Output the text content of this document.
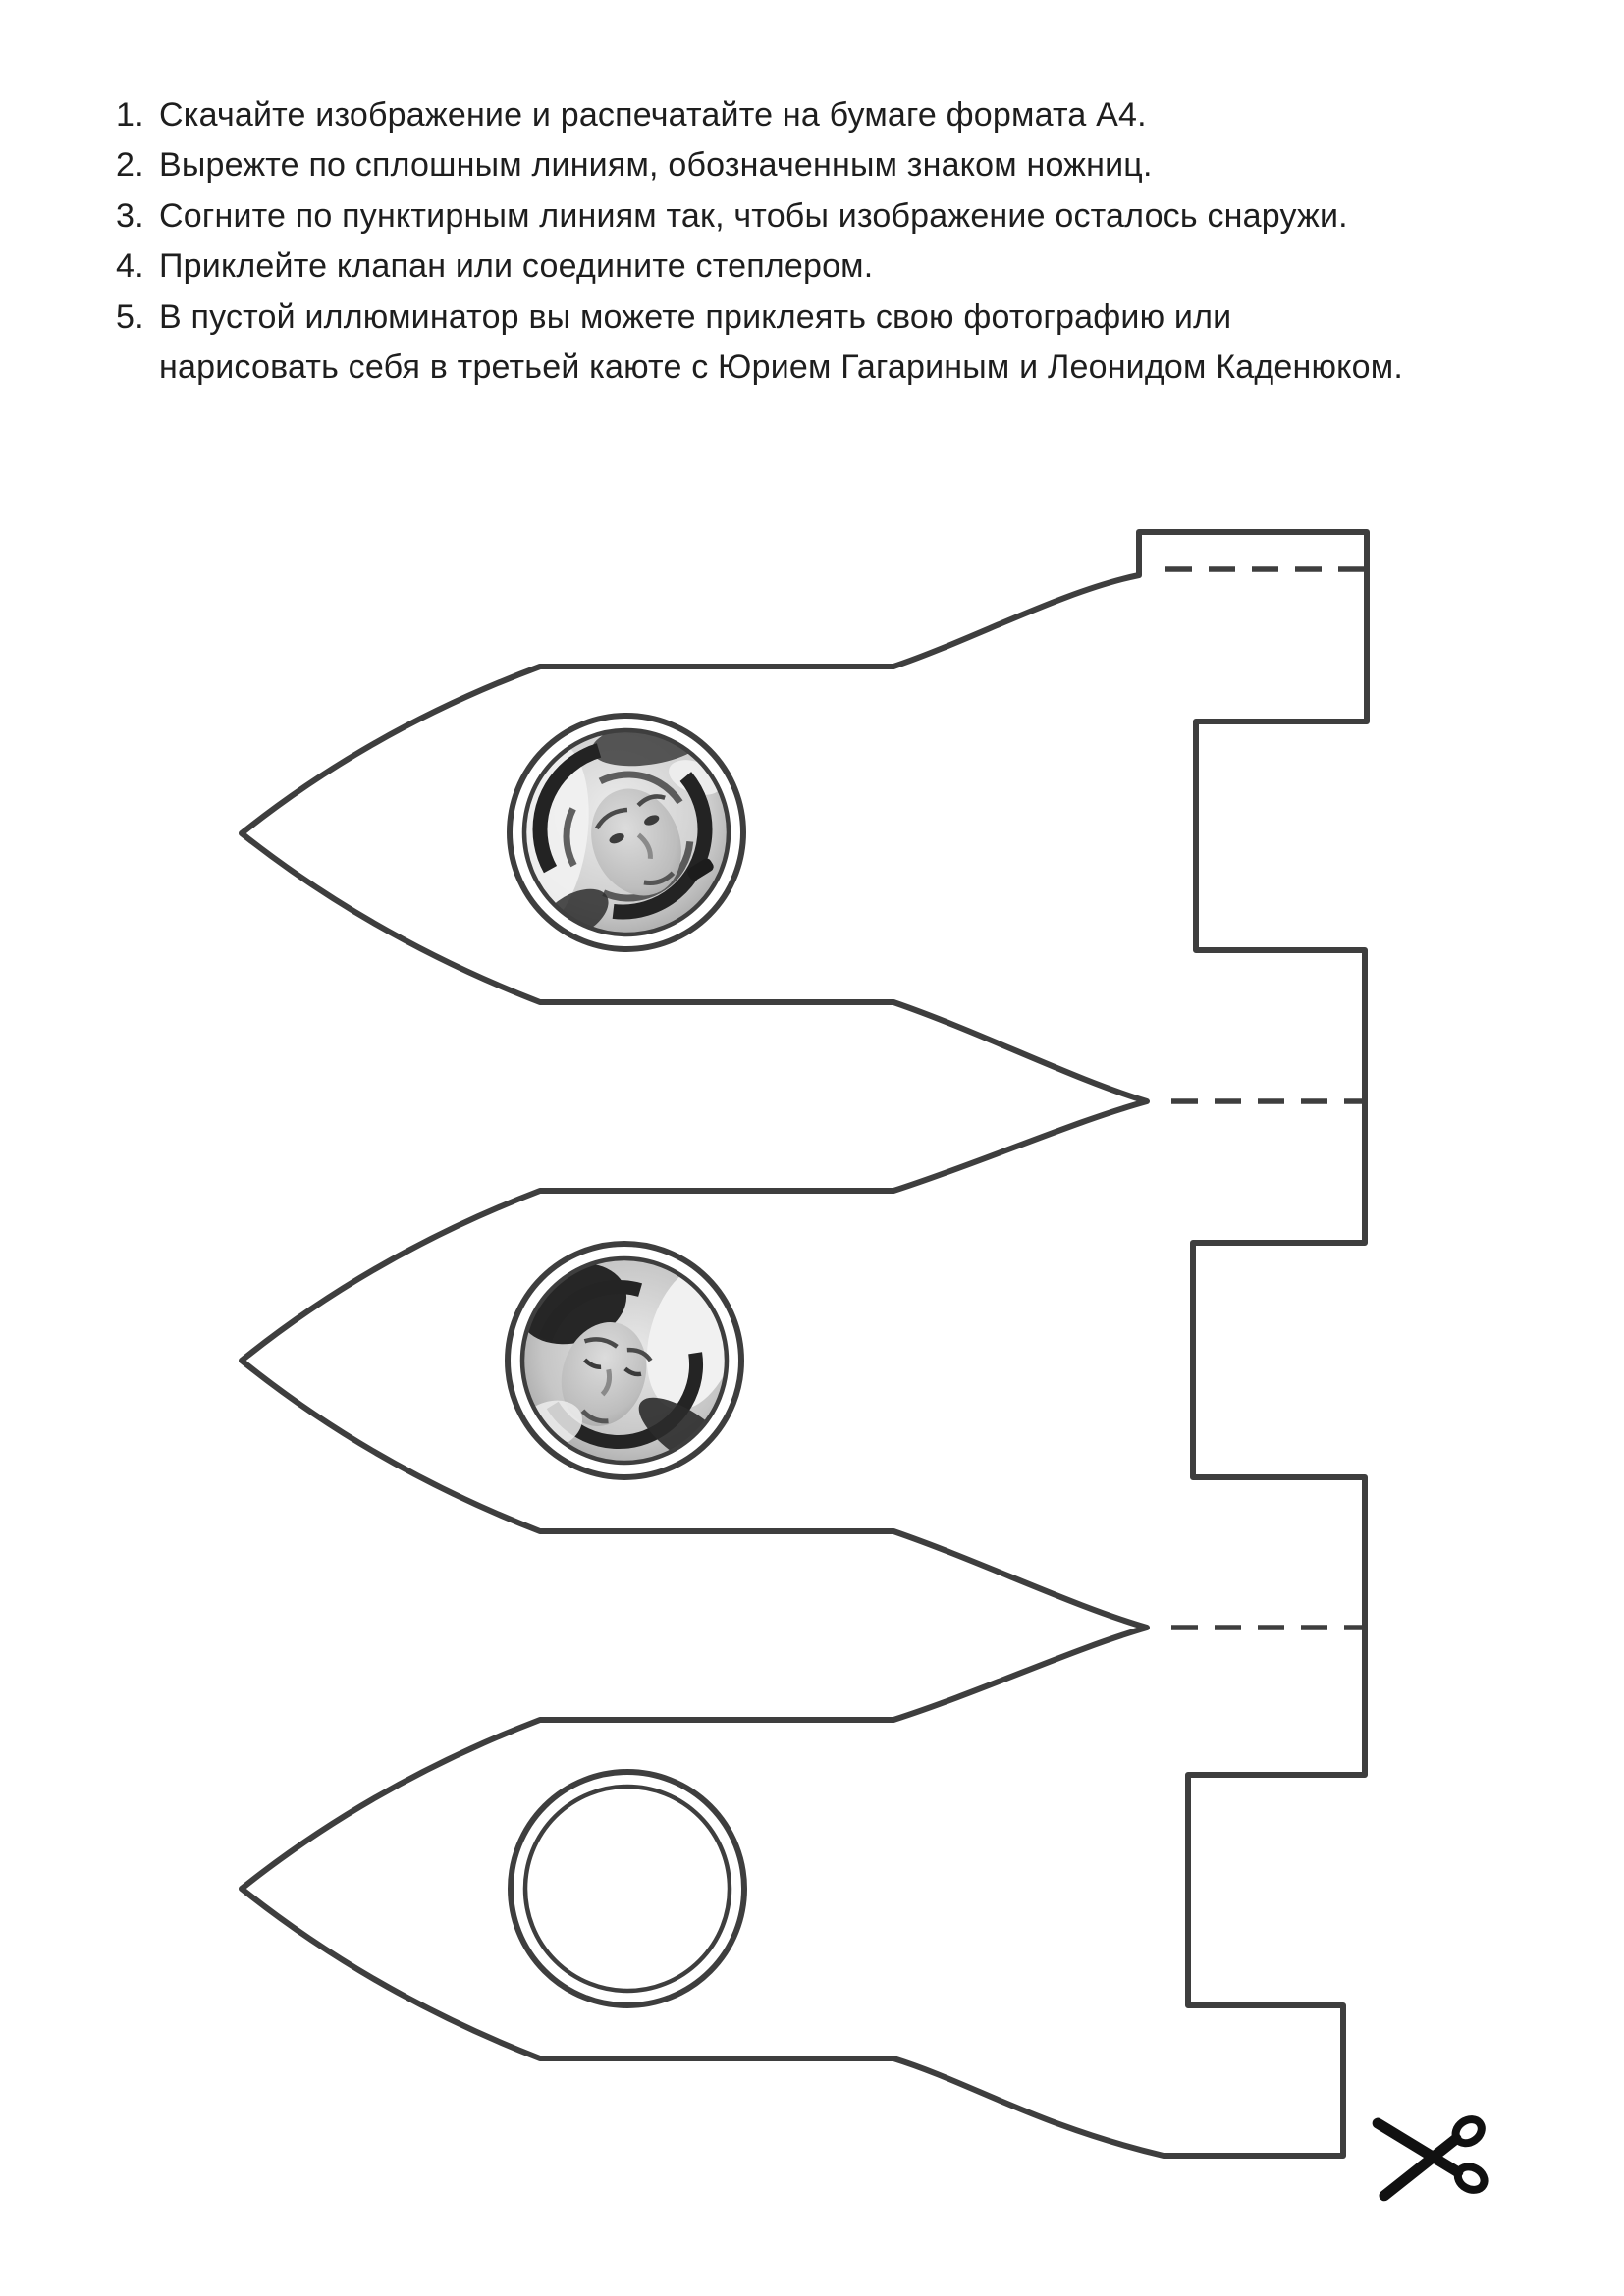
1. Скачайте изображение и распечатайте на бумаге формата А4.
2. Вырежте по сплошным линиям, обозначенным знаком ножниц.
3. Согните по пунктирным линиям так, чтобы изображение осталось снаружи.
4. Приклейте клапан или соедините степлером.
5. В пустой иллюминатор вы можете приклеять свою фотографию или
нарисовать себя в третьей каюте с Юрием Гагариным и Леонидом Каденюком.
